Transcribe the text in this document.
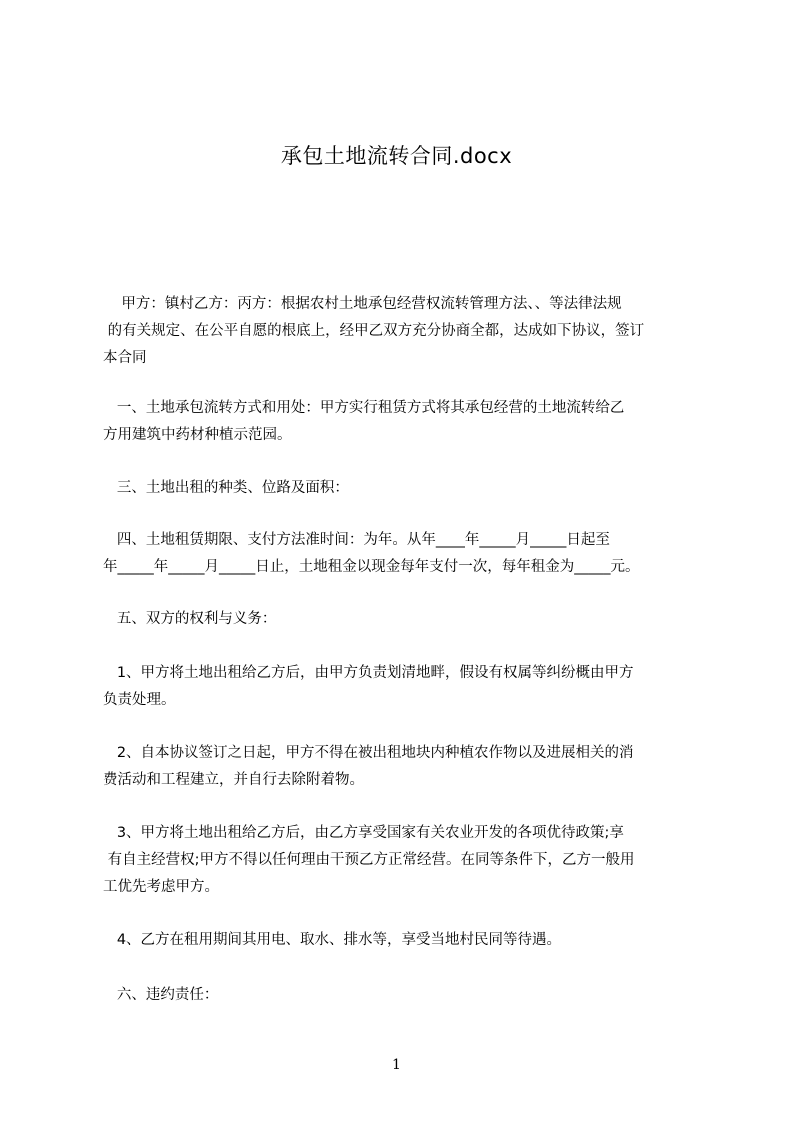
承包土地流转合同.docx

甲方：镇村乙方：丙方：根据农村土地承包经营权流转管理方法、、等法律法规
的有关规定、在公平自愿的根底上，经甲乙双方充分协商全都，达成如下协议，签订
本合同

一、土地承包流转方式和用处：甲方实行租赁方式将其承包经营的土地流转给乙
方用建筑中药材种植示范园。

三、土地出租的种类、位路及面积：

四、土地租赁期限、支付方法准时间：为年。从年____年_____月_____日起至
年_____年_____月_____日止，土地租金以现金每年支付一次，每年租金为_____元。

五、双方的权利与义务：

1、甲方将土地出租给乙方后，由甲方负责划清地畔，假设有权属等纠纷概由甲方
负责处理。

2、自本协议签订之日起，甲方不得在被出租地块内种植农作物以及进展相关的消
费活动和工程建立，并自行去除附着物。

3、甲方将土地出租给乙方后，由乙方享受国家有关农业开发的各项优待政策;享
有自主经营权;甲方不得以任何理由干预乙方正常经营。在同等条件下，乙方一般用
工优先考虑甲方。

4、乙方在租用期间其用电、取水、排水等，享受当地村民同等待遇。

六、违约责任：

1
